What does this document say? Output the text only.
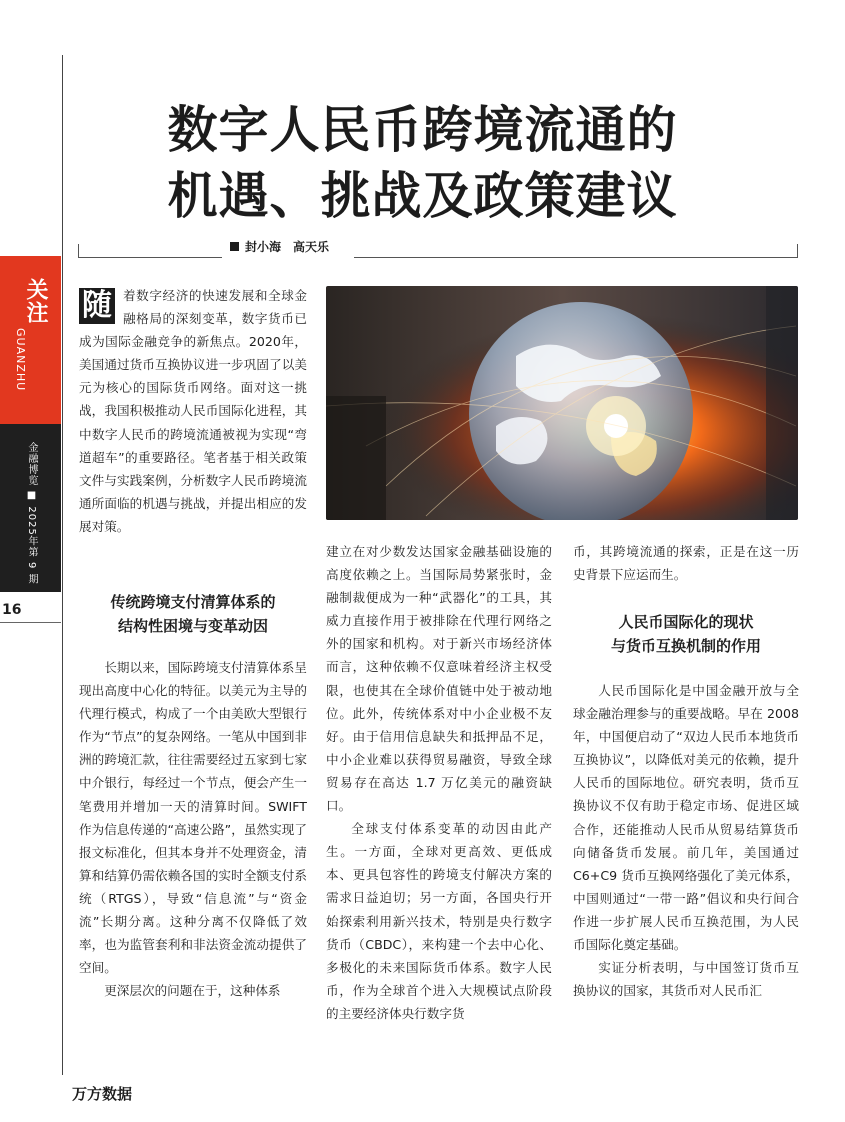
数字人民币跨境流通的
机遇、挑战及政策建议
封小海　高天乐
关注
GUANZHU
金融博览 ■ 2025年第 9 期
16

随 着数字经济的快速发展和全球金融格局的深刻变革，数字货币已成为国际金融竞争的新焦点。2020年，美国通过货币互换协议进一步巩固了以美元为核心的国际货币网络。面对这一挑战，我国积极推动人民币国际化进程，其中数字人民币的跨境流通被视为实现“弯道超车”的重要路径。笔者基于相关政策文件与实践案例，分析数字人民币跨境流通所面临的机遇与挑战，并提出相应的发展对策。

传统跨境支付清算体系的
结构性困境与变革动因

长期以来，国际跨境支付清算体系呈现出高度中心化的特征。以美元为主导的代理行模式，构成了一个由美欧大型银行作为“节点”的复杂网络。一笔从中国到非洲的跨境汇款，往往需要经过五家到七家中介银行，每经过一个节点，便会产生一笔费用并增加一天的清算时间。SWIFT 作为信息传递的“高速公路”，虽然实现了报文标准化，但其本身并不处理资金，清算和结算仍需依赖各国的实时全额支付系统（RTGS），导致“信息流”与“资金流”长期分离。这种分离不仅降低了效率，也为监管套利和非法资金流动提供了空间。

更深层次的问题在于，这种体系

建立在对少数发达国家金融基础设施的高度依赖之上。当国际局势紧张时，金融制裁便成为一种“武器化”的工具，其威力直接作用于被排除在代理行网络之外的国家和机构。对于新兴市场经济体而言，这种依赖不仅意味着经济主权受限，也使其在全球价值链中处于被动地位。此外，传统体系对中小企业极不友好。由于信用信息缺失和抵押品不足，中小企业难以获得贸易融资，导致全球贸易存在高达 1.7 万亿美元的融资缺口。

全球支付体系变革的动因由此产生。一方面，全球对更高效、更低成本、更具包容性的跨境支付解决方案的需求日益迫切；另一方面，各国央行开始探索利用新兴技术，特别是央行数字货币（CBDC），来构建一个去中心化、多极化的未来国际货币体系。数字人民币，作为全球首个进入大规模试点阶段的主要经济体央行数字货

币，其跨境流通的探索，正是在这一历史背景下应运而生。

人民币国际化的现状
与货币互换机制的作用

人民币国际化是中国金融开放与全球金融治理参与的重要战略。早在 2008 年，中国便启动了“双边人民币本地货币互换协议”，以降低对美元的依赖，提升人民币的国际地位。研究表明，货币互换协议不仅有助于稳定市场、促进区域合作，还能推动人民币从贸易结算货币向储备货币发展。前几年，美国通过 C6+C9 货币互换网络强化了美元体系，中国则通过“一带一路”倡议和央行间合作进一步扩展人民币互换范围，为人民币国际化奠定基础。

实证分析表明，与中国签订货币互换协议的国家，其货币对人民币汇

万方数据
